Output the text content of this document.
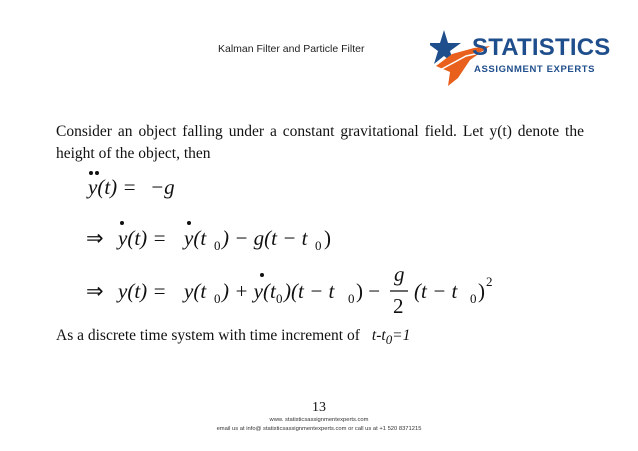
Kalman Filter and Particle Filter	STATISTICS
ASSIGNMENT EXPERTS
Consider an object falling under a constant gravitational field. Let y(t) denote the height of the object, then
y(t) = −g
⇒ y(t) = y(t 0 ) − g(t − t 0 )
⇒ y(t) = y(t 0 ) + y(t 0 )(t − t 0 ) −
g
2
(t − t 0 ) 2
As a discrete time system with time increment of $t-t_0=1$
13
www. statisticsassignmentexperts.com
email us at info@ statisticsassignmentexperts.com or call us at +1 520 8371215
